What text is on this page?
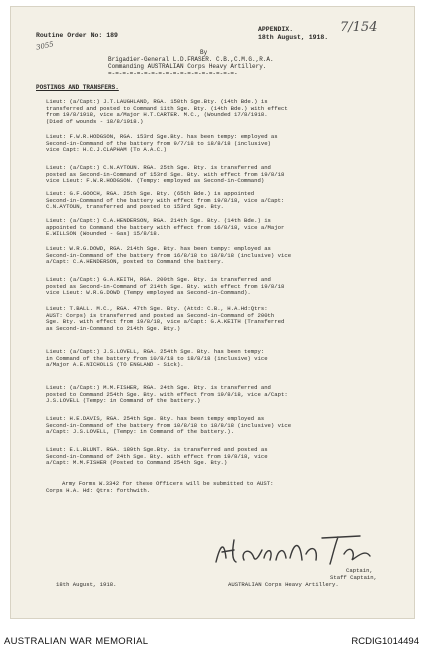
Routine Order No: 189
APPENDIX.
18th August, 1918.
7/154
3055
By
Brigadier-General L.D.FRASER. C.B.,C.M.G.,R.A.
Commanding AUSTRALIAN Corps Heavy Artillery.
=-=-=-=-=-=-=-=-=-=-=-=-=-=-=-=-=-=-
POSTINGS AND TRANSFERS.
Lieut: (a/Capt:) J.T.LAUGHLAND, RGA. 150th Sge.Bty. (14th Bde.) is
transferred and posted to Command 11th Sge. Bty. (14th Bde.) with effect
from 19/8/1918, vice a/Major H.T.CARTER. M.C., (Wounded 17/8/1918.
(Died of wounds - 18/8/1918.)
Lieut: F.W.R.HODGSON, RGA. 153rd Sge.Bty. has been tempy: employed as
Second-in-Command of the battery from 9/7/18 to 18/8/18 (inclusive)
vice Capt: H.C.J.CLAPHAM (To A.A.C.)
Lieut: (a/Capt:) C.N.AYTOUN. RGA. 25th Sge. Bty. is transferred and
posted as Second-in-Command of 153rd Sge. Bty. with effect from 19/8/18
vice Lieut: F.W.R.HODGSON. (Tempy: employed as Second-in-Command)
Lieut: G.F.GOOCH, RGA. 25th Sge. Bty. (65th Bde.) is appointed
Second-in-Command of the battery with effect from 19/8/18, vice a/Capt:
C.N.AYTOUN, transferred and posted to 153rd Sge. Bty.
Lieut: (a/Capt:) C.A.HENDERSON, RGA. 214th Sge. Bty. (14th Bde.) is
appointed to Command the battery with effect from 16/8/18, vice a/Major
E.WILLSON (Wounded - Gas) 15/8/18.
Lieut: W.R.G.DOWD, RGA. 214th Sge. Bty. has been tempy: employed as
Second-in-Command of the battery from 16/8/18 to 18/8/18 (inclusive) vice
a/Capt: C.A.HENDERSON, posted to Command the battery.
Lieut: (a/Capt:) G.A.KEITH, RGA. 200th Sge. Bty. is transferred and
posted as Second-in-Command of 214th Sge. Bty. with effect from 19/8/18
vice Lieut: W.R.G.DOWD (Tempy employed as Second-in-Command).
Lieut: T.BALL. M.C., RGA. 47th Sge. Bty. (Attd: C.B., H.A.Hd:Qtrs:
AUST: Corps) is transferred and posted as Second-in-Command of 200th
Sge. Bty. with effect from 19/8/18, vice a/Capt: G.A.KEITH (Transferred
as Second-in-Command to 214th Sge. Bty.)
Lieut: (a/Capt:) J.S.LOVELL, RGA. 254th Sge. Bty. has been tempy:
in Command of the battery from 10/8/18 to 18/8/18 (inclusive) vice
a/Major A.E.NICHOLLS (TO ENGLAND - Sick).
Lieut: (a/Capt:) M.M.FISHER, RGA. 24th Sge. Bty. is transferred and
posted to Command 254th Sge. Bty. with effect from 19/8/18, vice a/Capt:
J.S.LOVELL (Tempy: in Command of the battery.)
Lieut: H.E.DAVIS, RGA. 254th Sge. Bty. has been tempy employed as
Second-in-Command of the battery from 10/8/18 to 18/8/18 (inclusive) vice
a/Capt: J.S.LOVELL, (Tempy: in Command of the battery.).
Lieut: E.L.BLUNT. RGA. 189th Sge.Bty. is transferred and posted as
Second-in-Command of 24th Sge. Bty. with effect from 19/8/18, vice
a/Capt: M.M.FISHER (Posted to Command 254th Sge. Bty.)
Army Forms W.3342 for these Officers will be submitted to AUST:
Corps H.A. Hd: Qtrs: forthwith.
Captain,
Staff Captain,
AUSTRALIAN Corps Heavy Artillery.
18th August, 1918.
AUSTRALIAN WAR MEMORIAL	RCDIG1014494
